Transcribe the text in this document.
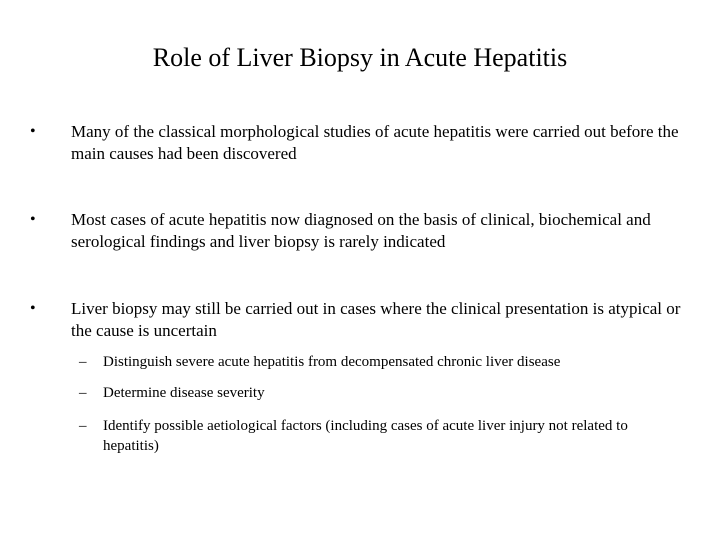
Role of Liver Biopsy in Acute Hepatitis
•	Many of the classical morphological studies of acute hepatitis were carried out before the main causes had been discovered
•	Most cases of acute hepatitis now diagnosed on the basis of clinical, biochemical and serological findings and liver biopsy is rarely indicated
•	Liver biopsy may still be carried out in cases where the clinical presentation is atypical or the cause is uncertain
–	Distinguish severe acute hepatitis from decompensated chronic liver disease
–	Determine disease severity
–	Identify possible aetiological factors (including cases of acute liver injury not related to hepatitis)
